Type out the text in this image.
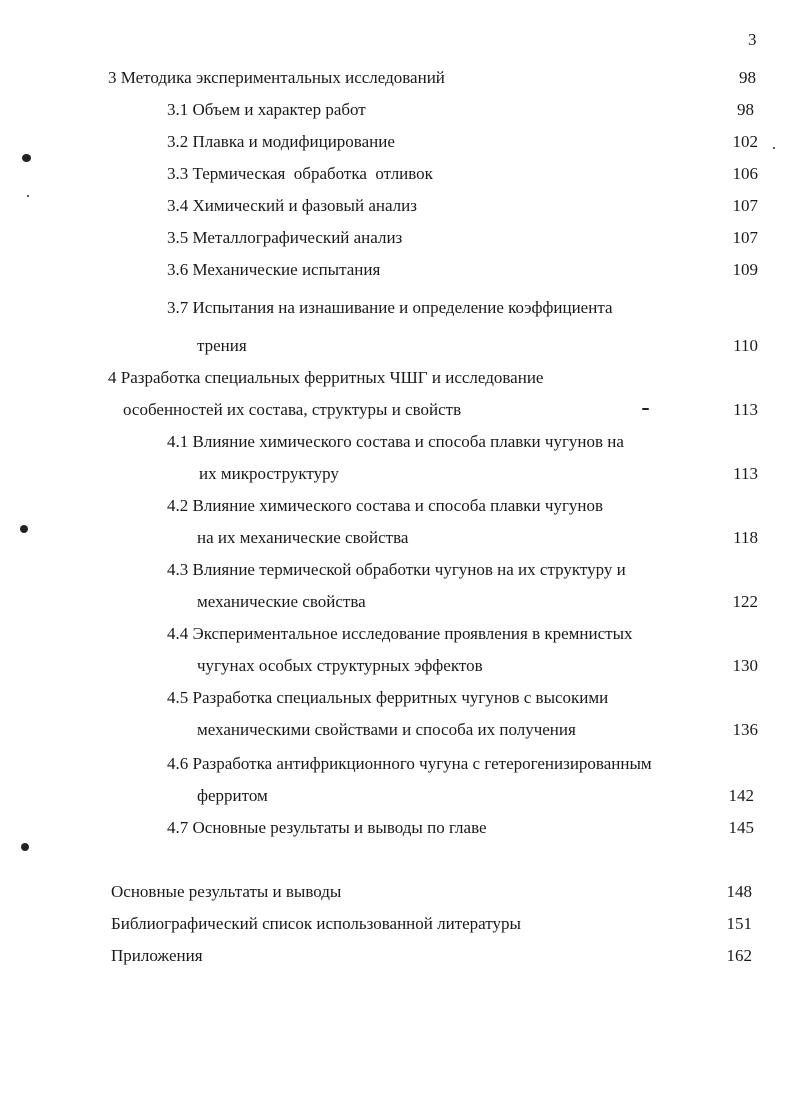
3
3 Методика экспериментальных исследований	98
3.1 Объем и характер работ	98
3.2 Плавка и модифицирование	102
3.3 Термическая  обработка  отливок	106
3.4 Химический и фазовый анализ	107
3.5 Металлографический анализ	107
3.6 Механические испытания	109
3.7 Испытания на изнашивание и определение коэффициента
трения	110
4 Разработка специальных ферритных ЧШГ и исследование
особенностей их состава, структуры и свойств	113
4.1 Влияние химического состава и способа плавки чугунов на
их микроструктуру	113
4.2 Влияние химического состава и способа плавки чугунов
на их механические свойства	118
4.3 Влияние термической обработки чугунов на их структуру и
механические свойства	122
4.4 Экспериментальное исследование проявления в кремнистых
чугунах особых структурных эффектов	130
4.5 Разработка специальных ферритных чугунов с высокими
механическими свойствами и способа их получения	136
4.6 Разработка антифрикционного чугуна с гетерогенизированным
ферритом	142
4.7 Основные результаты и выводы по главе	145
Основные результаты и выводы	148
Библиографический список использованной литературы	151
Приложения	162
